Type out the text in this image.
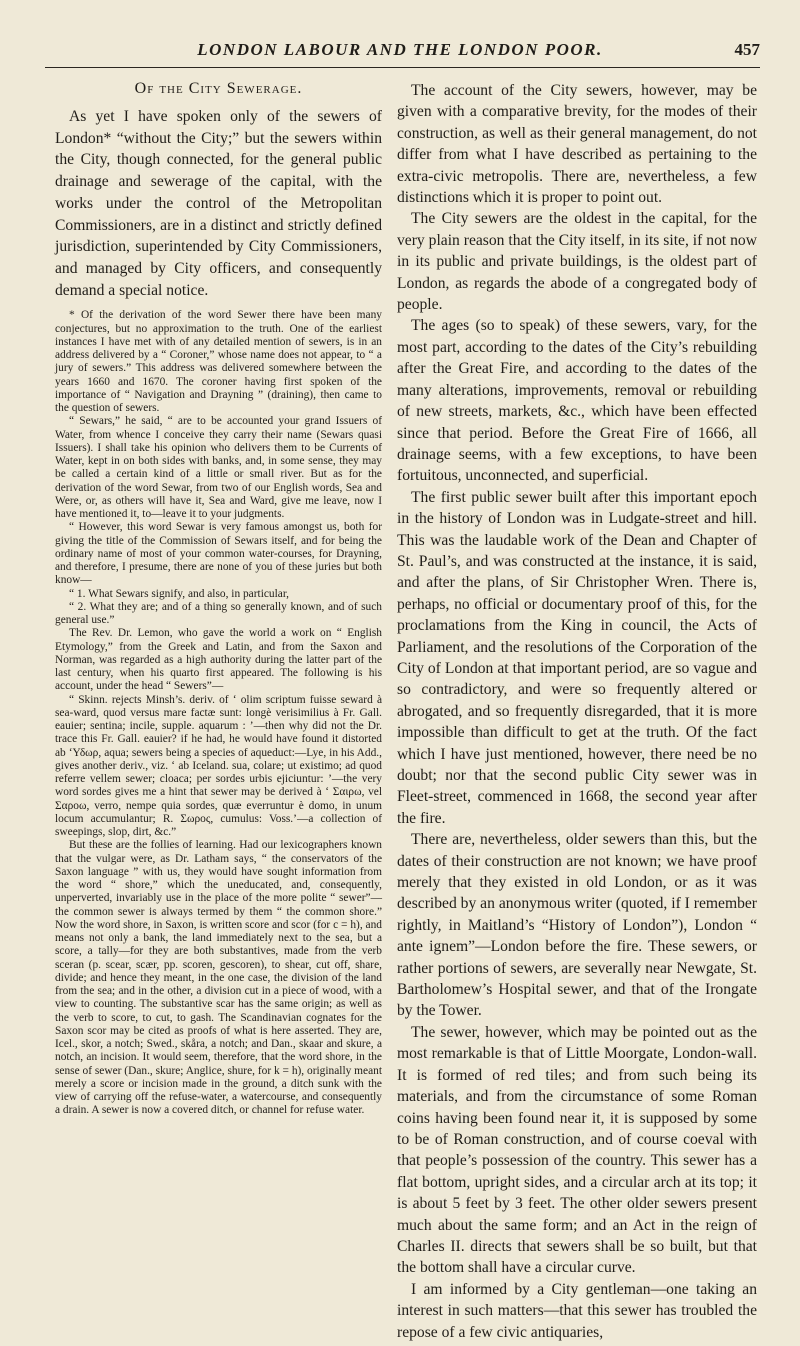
LONDON LABOUR AND THE LONDON POOR.	457
Of the City Sewerage.

As yet I have spoken only of the sewers of London* “without the City;” but the sewers within the City, though connected, for the general public drainage and sewerage of the capital, with the works under the control of the Metropolitan Commissioners, are in a distinct and strictly defined jurisdiction, superintended by City Commissioners, and managed by City officers, and consequently demand a special notice.

* Of the derivation of the word Sewer there have been many conjectures, but no approximation to the truth. One of the earliest instances I have met with of any detailed mention of sewers, is in an address delivered by a “ Coroner,” whose name does not appear, to “ a jury of sewers.” This address was delivered somewhere between the years 1660 and 1670. The coroner having first spoken of the importance of “ Navigation and Drayning ” (draining), then came to the question of sewers.

“ Sewars,” he said, “ are to be accounted your grand Issuers of Water, from whence I conceive they carry their name (Sewars quasi Issuers). I shall take his opinion who delivers them to be Currents of Water, kept in on both sides with banks, and, in some sense, they may be called a certain kind of a little or small river. But as for the derivation of the word Sewar, from two of our English words, Sea and Were, or, as others will have it, Sea and Ward, give me leave, now I have mentioned it, to—leave it to your judgments.

“ However, this word Sewar is very famous amongst us, both for giving the title of the Commission of Sewars itself, and for being the ordinary name of most of your common water-courses, for Drayning, and therefore, I presume, there are none of you of these juries but both know—

“ 1. What Sewars signify, and also, in particular,

“ 2. What they are; and of a thing so generally known, and of such general use.”

The Rev. Dr. Lemon, who gave the world a work on “ English Etymology,” from the Greek and Latin, and from the Saxon and Norman, was regarded as a high authority during the latter part of the last century, when his quarto first appeared. The following is his account, under the head “ Sewers”—

“ Skinn. rejects Minsh’s. deriv. of ‘ olim scriptum fuisse seward à sea-ward, quod versus mare factæ sunt: longè verisimilius à Fr. Gall. eauier; sentina; incile, supple. aquarum : ’—then why did not the Dr. trace this Fr. Gall. eauier? if he had, he would have found it distorted ab ‘Υδωρ, aqua; sewers being a species of aqueduct:—Lye, in his Add., gives another deriv., viz. ‘ ab Iceland. sua, colare; ut existimo; ad quod referre vellem sewer; cloaca; per sordes urbis ejiciuntur: ’—the very word sordes gives me a hint that sewer may be derived à ‘ Σαιρω, vel Σαρoω, verro, nempe quia sordes, quæ everruntur è domo, in unum locum accumulantur; R. Σωρος, cumulus: Voss.’—a collection of sweepings, slop, dirt, &c.”

But these are the follies of learning. Had our lexicographers known that the vulgar were, as Dr. Latham says, “ the conservators of the Saxon language ” with us, they would have sought information from the word “ shore,” which the uneducated, and, consequently, unperverted, invariably use in the place of the more polite “ sewer”—the common sewer is always termed by them “ the common shore.” Now the word shore, in Saxon, is written score and scor (for c = h), and means not only a bank, the land immediately next to the sea, but a score, a tally—for they are both substantives, made from the verb sceran (p. scear, scær, pp. scoren, gescoren), to shear, cut off, share, divide; and hence they meant, in the one case, the division of the land from the sea; and in the other, a division cut in a piece of wood, with a view to counting. The substantive scar has the same origin; as well as the verb to score, to cut, to gash. The Scandinavian cognates for the Saxon scor may be cited as proofs of what is here asserted. They are, Icel., skor, a notch; Swed., skåra, a notch; and Dan., skaar and skure, a notch, an incision. It would seem, therefore, that the word shore, in the sense of sewer (Dan., skure; Anglice, shure, for k = h), originally meant merely a score or incision made in the ground, a ditch sunk with the view of carrying off the refuse-water, a watercourse, and consequently a drain. A sewer is now a covered ditch, or channel for refuse water.

The account of the City sewers, however, may be given with a comparative brevity, for the modes of their construction, as well as their general management, do not differ from what I have described as pertaining to the extra-civic metropolis. There are, nevertheless, a few distinctions which it is proper to point out.

The City sewers are the oldest in the capital, for the very plain reason that the City itself, in its site, if not now in its public and private buildings, is the oldest part of London, as regards the abode of a congregated body of people.

The ages (so to speak) of these sewers, vary, for the most part, according to the dates of the City’s rebuilding after the Great Fire, and according to the dates of the many alterations, improvements, removal or rebuilding of new streets, markets, &c., which have been effected since that period. Before the Great Fire of 1666, all drainage seems, with a few exceptions, to have been fortuitous, unconnected, and superficial.

The first public sewer built after this important epoch in the history of London was in Ludgate-street and hill. This was the laudable work of the Dean and Chapter of St. Paul’s, and was constructed at the instance, it is said, and after the plans, of Sir Christopher Wren. There is, perhaps, no official or documentary proof of this, for the proclamations from the King in council, the Acts of Parliament, and the resolutions of the Corporation of the City of London at that important period, are so vague and so contradictory, and were so frequently altered or abrogated, and so frequently disregarded, that it is more impossible than difficult to get at the truth. Of the fact which I have just mentioned, however, there need be no doubt; nor that the second public City sewer was in Fleet-street, commenced in 1668, the second year after the fire.

There are, nevertheless, older sewers than this, but the dates of their construction are not known; we have proof merely that they existed in old London, or as it was described by an anonymous writer (quoted, if I remember rightly, in Maitland’s “History of London”), London “ ante ignem”—London before the fire. These sewers, or rather portions of sewers, are severally near Newgate, St. Bartholomew’s Hospital sewer, and that of the Irongate by the Tower.

The sewer, however, which may be pointed out as the most remarkable is that of Little Moorgate, London-wall. It is formed of red tiles; and from such being its materials, and from the circumstance of some Roman coins having been found near it, it is supposed by some to be of Roman construction, and of course coeval with that people’s possession of the country. This sewer has a flat bottom, upright sides, and a circular arch at its top; it is about 5 feet by 3 feet. The other older sewers present much about the same form; and an Act in the reign of Charles II. directs that sewers shall be so built, but that the bottom shall have a circular curve.

I am informed by a City gentleman—one taking an interest in such matters—that this sewer has troubled the repose of a few civic antiquaries,
